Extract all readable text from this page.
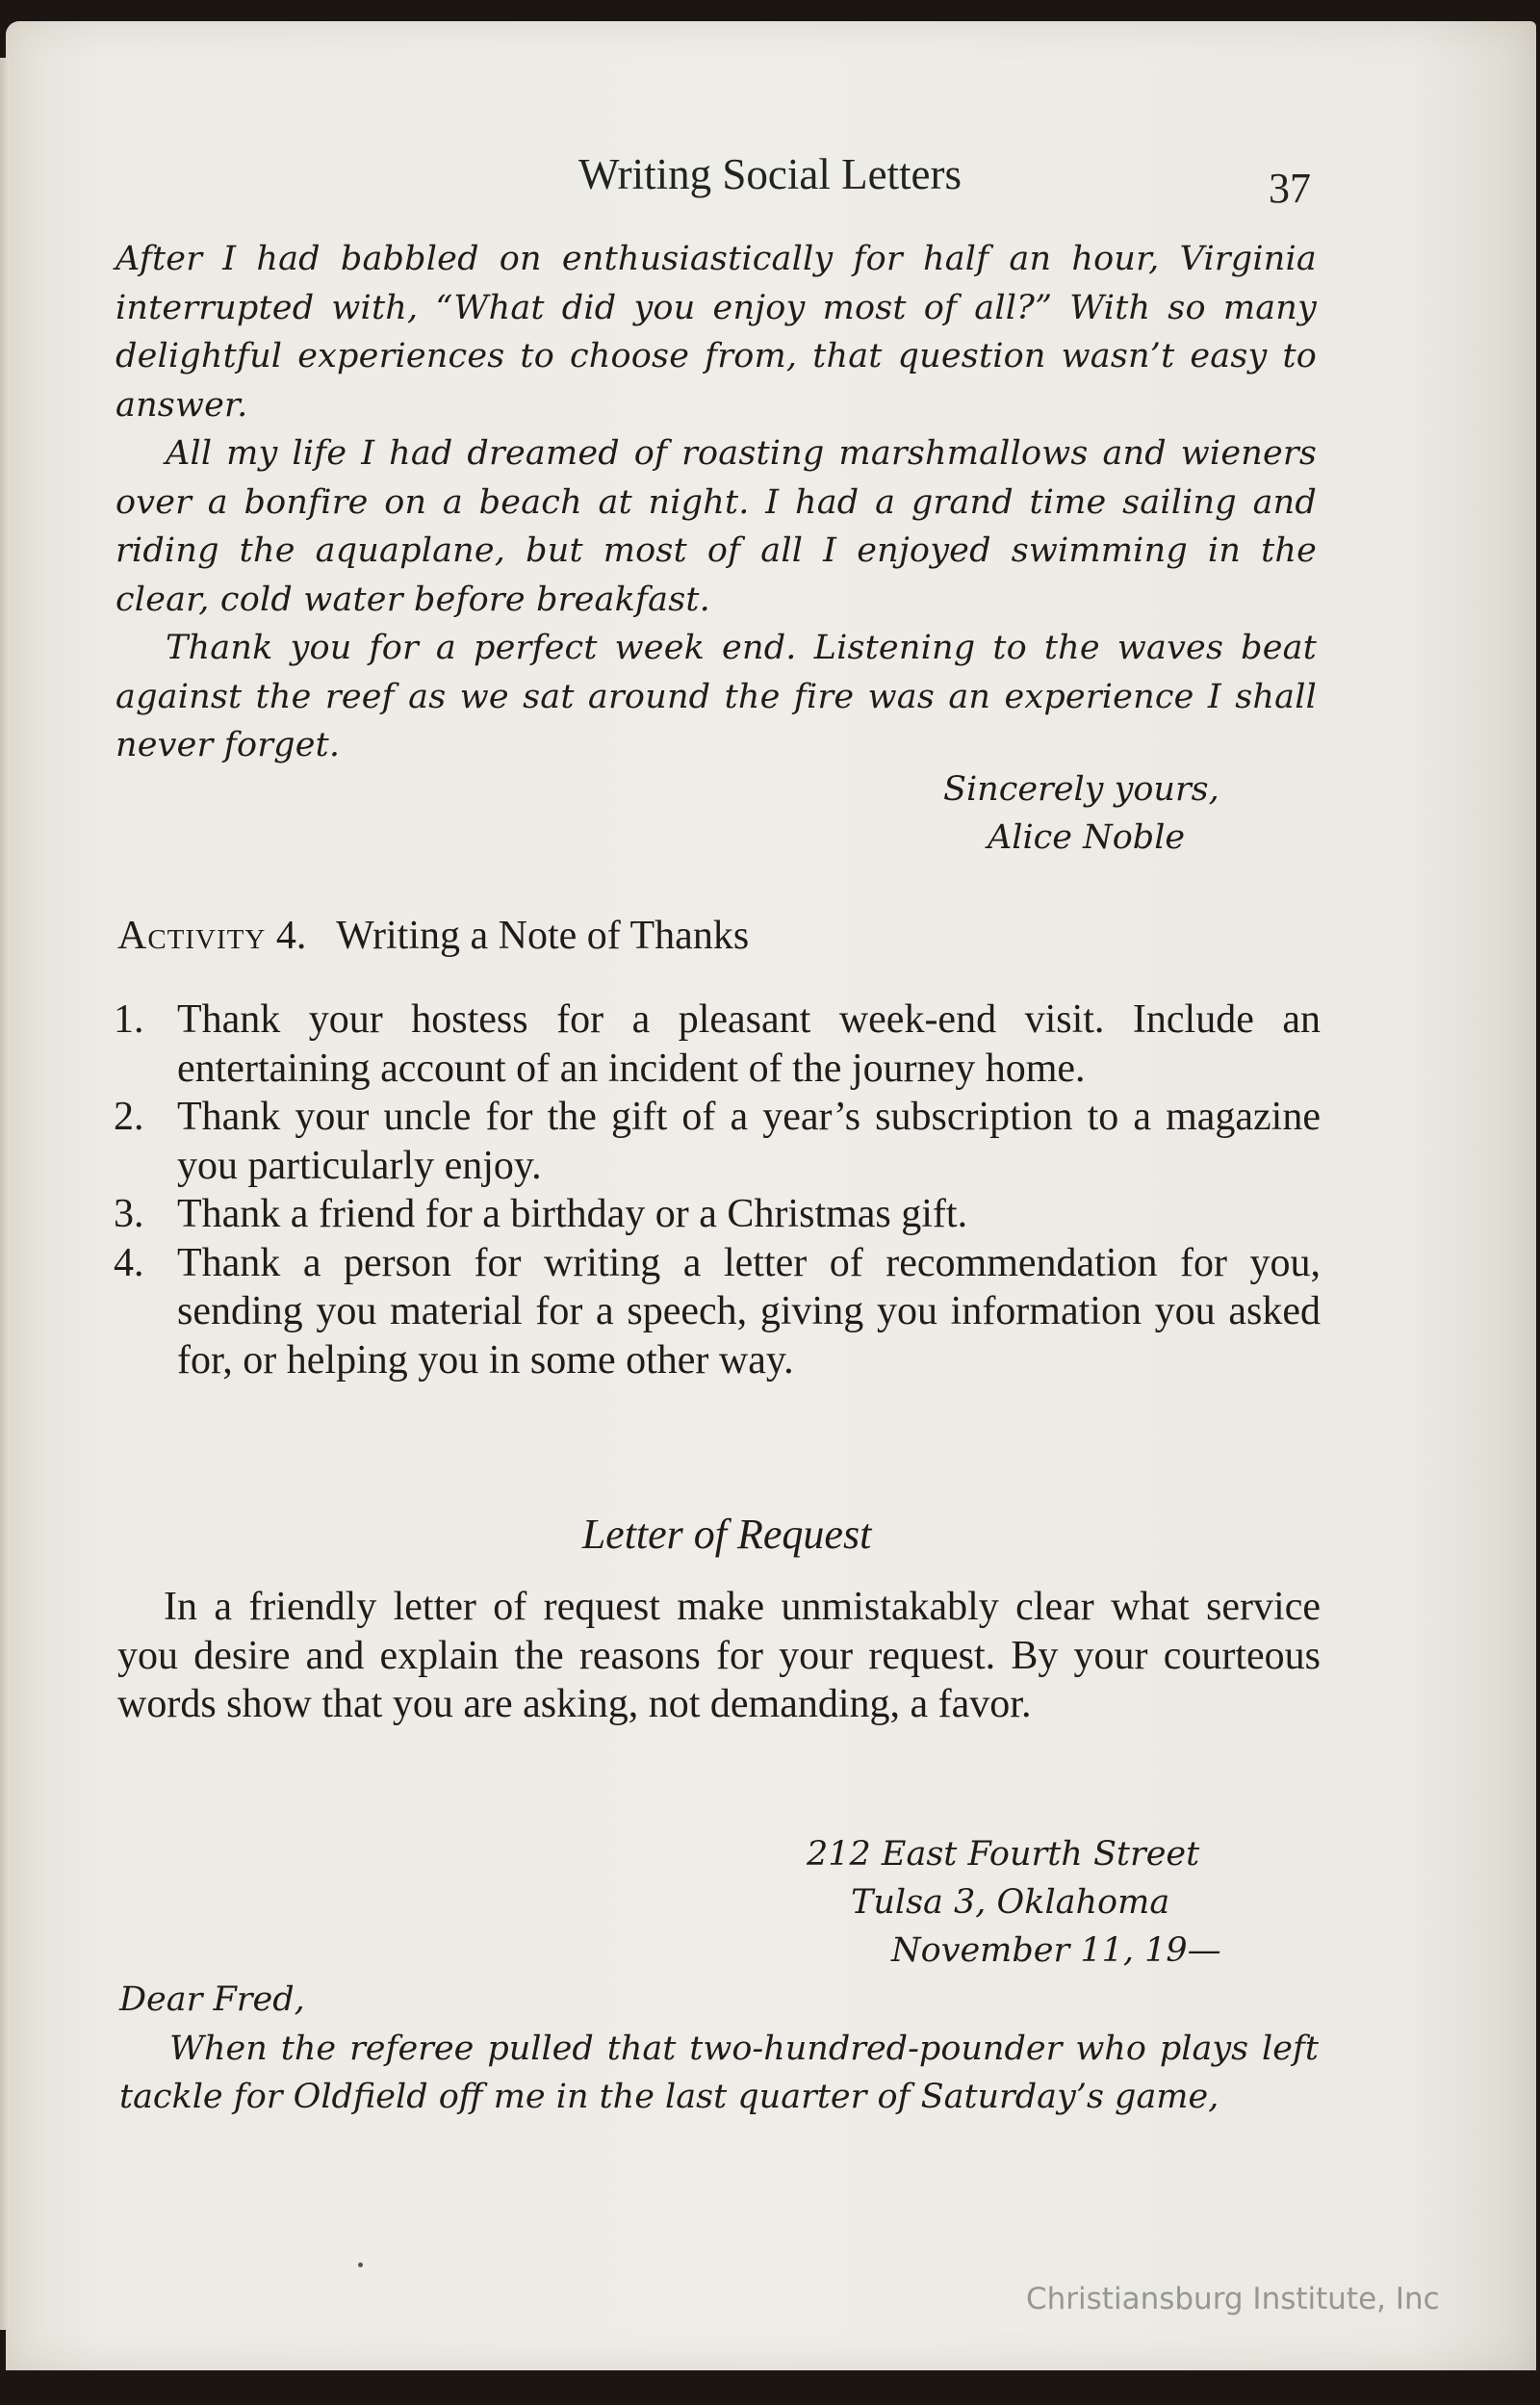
Writing Social Letters	37

After I had babbled on enthusiastically for half an hour, Virginia interrupted with, “What did you enjoy most of all?” With so many delightful experiences to choose from, that question wasn’t easy to answer.

All my life I had dreamed of roasting marshmallows and wieners over a bonfire on a beach at night. I had a grand time sailing and riding the aquaplane, but most of all I enjoyed swimming in the clear, cold water before breakfast.

Thank you for a perfect week end. Listening to the waves beat against the reef as we sat around the fire was an experience I shall never forget.

Sincerely yours,
Alice Noble
Activity 4. Writing a Note of Thanks
1. Thank your hostess for a pleasant week-end visit. Include an entertaining account of an incident of the journey home.
2. Thank your uncle for the gift of a year’s subscription to a magazine you particularly enjoy.
3. Thank a friend for a birthday or a Christmas gift.
4. Thank a person for writing a letter of recommendation for you, sending you material for a speech, giving you information you asked for, or helping you in some other way.
Letter of Request

In a friendly letter of request make unmistakably clear what service you desire and explain the reasons for your request. By your courteous words show that you are asking, not demanding, a favor.

212 East Fourth Street
Tulsa 3, Oklahoma
November 11, 19—
Dear Fred,

When the referee pulled that two-hundred-pounder who plays left tackle for Oldfield off me in the last quarter of Saturday’s game,

Christiansburg Institute, Inc
